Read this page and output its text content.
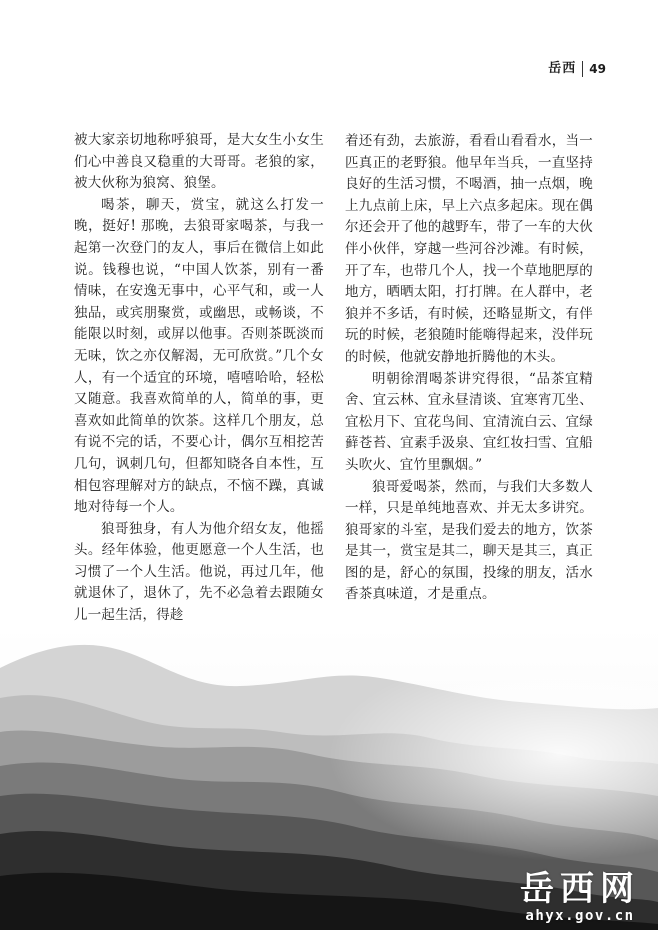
岳西	49

被大家亲切地称呼狼哥，是大女生小女生们心中善良又稳重的大哥哥。老狼的家，被大伙称为狼窝、狼堡。

喝茶，聊天，赏宝，就这么打发一晚，挺好! 那晚，去狼哥家喝茶，与我一起第一次登门的友人，事后在微信上如此说。钱穆也说，“中国人饮茶，别有一番情味，在安逸无事中，心平气和，或一人独品，或宾朋聚赏，或幽思，或畅谈，不能限以时刻，或屏以他事。否则茶既淡而无味，饮之亦仅解渴，无可欣赏。”几个女人，有一个适宜的环境，嘻嘻哈哈，轻松又随意。我喜欢简单的人，简单的事，更喜欢如此简单的饮茶。这样几个朋友，总有说不完的话，不要心计，偶尔互相挖苦几句，讽刺几句，但都知晓各自本性，互相包容理解对方的缺点，不恼不躁，真诚地对待每一个人。

狼哥独身，有人为他介绍女友，他摇头。经年体验，他更愿意一个人生活，也习惯了一个人生活。他说，再过几年，他就退休了，退休了，先不必急着去跟随女儿一起生活，得趁

着还有劲，去旅游，看看山看看水，当一匹真正的老野狼。他早年当兵，一直坚持良好的生活习惯，不喝酒，抽一点烟，晚上九点前上床，早上六点多起床。现在偶尔还会开了他的越野车，带了一车的大伙伴小伙伴，穿越一些河谷沙滩。有时候，开了车，也带几个人，找一个草地肥厚的地方，晒晒太阳，打打牌。在人群中，老狼并不多话，有时候，还略显斯文，有伴玩的时候，老狼随时能嗨得起来，没伴玩的时候，他就安静地折腾他的木头。

明朝徐渭喝茶讲究得很，“品茶宜精舍、宜云林、宜永昼清谈、宜寒宵兀坐、宜松月下、宜花鸟间、宜清流白云、宜绿藓苍苔、宜素手汲泉、宜红妆扫雪、宜船头吹火、宜竹里飘烟。”

狼哥爱喝茶，然而，与我们大多数人一样，只是单纯地喜欢、并无太多讲究。狼哥家的斗室，是我们爱去的地方，饮茶是其一，赏宝是其二，聊天是其三，真正图的是，舒心的氛围，投缘的朋友，活水香茶真味道，才是重点。

岳西网
ahyx.gov.cn
